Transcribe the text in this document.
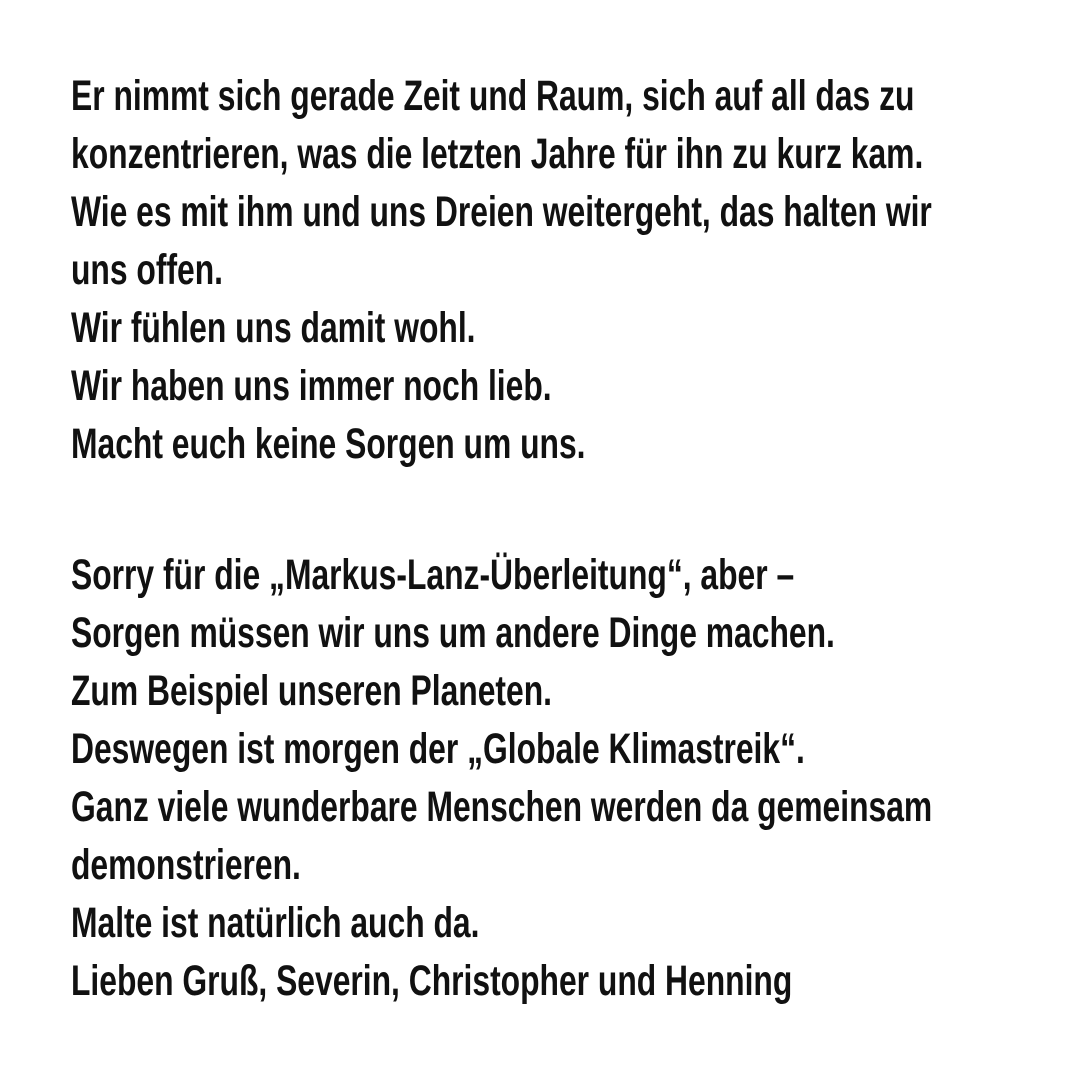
Er nimmt sich gerade Zeit und Raum, sich auf all das zu
konzentrieren, was die letzten Jahre für ihn zu kurz kam.
Wie es mit ihm und uns Dreien weitergeht, das halten wir
uns offen.
Wir fühlen uns damit wohl.
Wir haben uns immer noch lieb.
Macht euch keine Sorgen um uns.
Sorry für die „Markus-Lanz-Überleitung“, aber –
Sorgen müssen wir uns um andere Dinge machen.
Zum Beispiel unseren Planeten.
Deswegen ist morgen der „Globale Klimastreik“.
Ganz viele wunderbare Menschen werden da gemeinsam
demonstrieren.
Malte ist natürlich auch da.
Lieben Gruß, Severin, Christopher und Henning
